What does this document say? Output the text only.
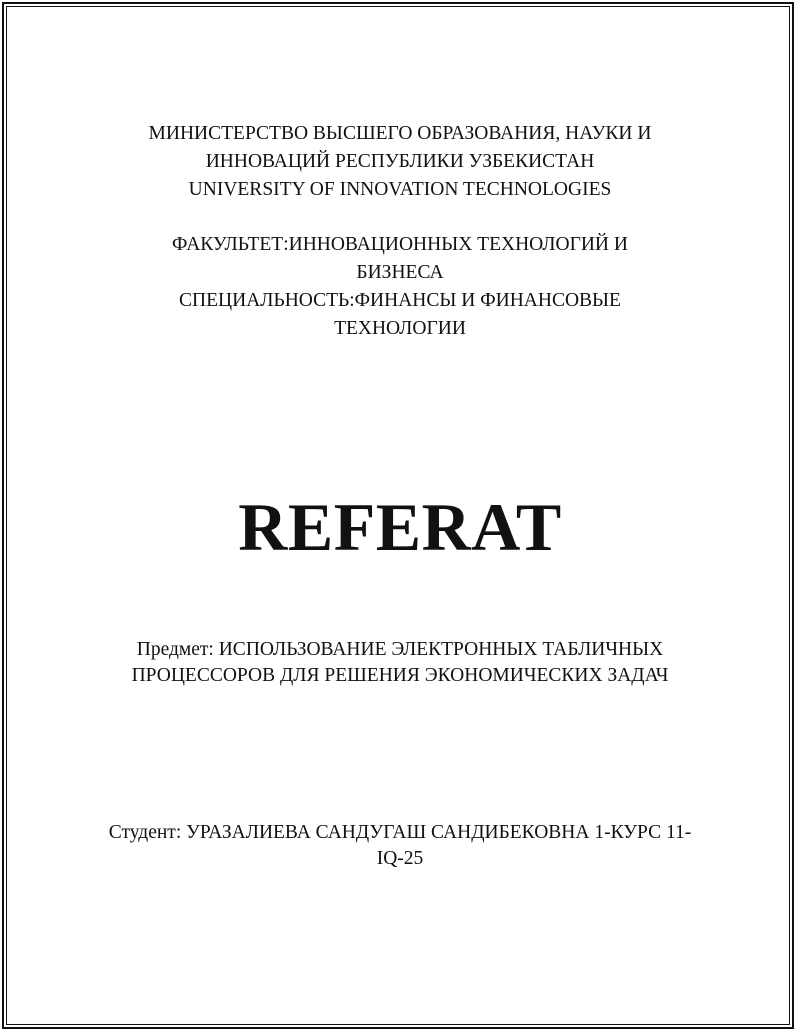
МИНИСТЕРСТВО ВЫСШЕГО ОБРАЗОВАНИЯ, НАУКИ И
ИННОВАЦИЙ РЕСПУБЛИКИ УЗБЕКИСТАН
UNIVERSITY OF INNOVATION TECHNOLOGIES
ФАКУЛЬТЕТ:ИННОВАЦИОННЫХ ТЕХНОЛОГИЙ И
БИЗНЕСА
СПЕЦИАЛЬНОСТЬ:ФИНАНСЫ И ФИНАНСОВЫЕ
ТЕХНОЛОГИИ
REFERAT
Предмет: ИСПОЛЬЗОВАНИЕ ЭЛЕКТРОННЫХ ТАБЛИЧНЫХ
ПРОЦЕССОРОВ ДЛЯ РЕШЕНИЯ ЭКОНОМИЧЕСКИХ ЗАДАЧ
Студент: УРАЗАЛИЕВА САНДУГАШ САНДИБЕКОВНА 1-КУРС 11-
IQ-25
